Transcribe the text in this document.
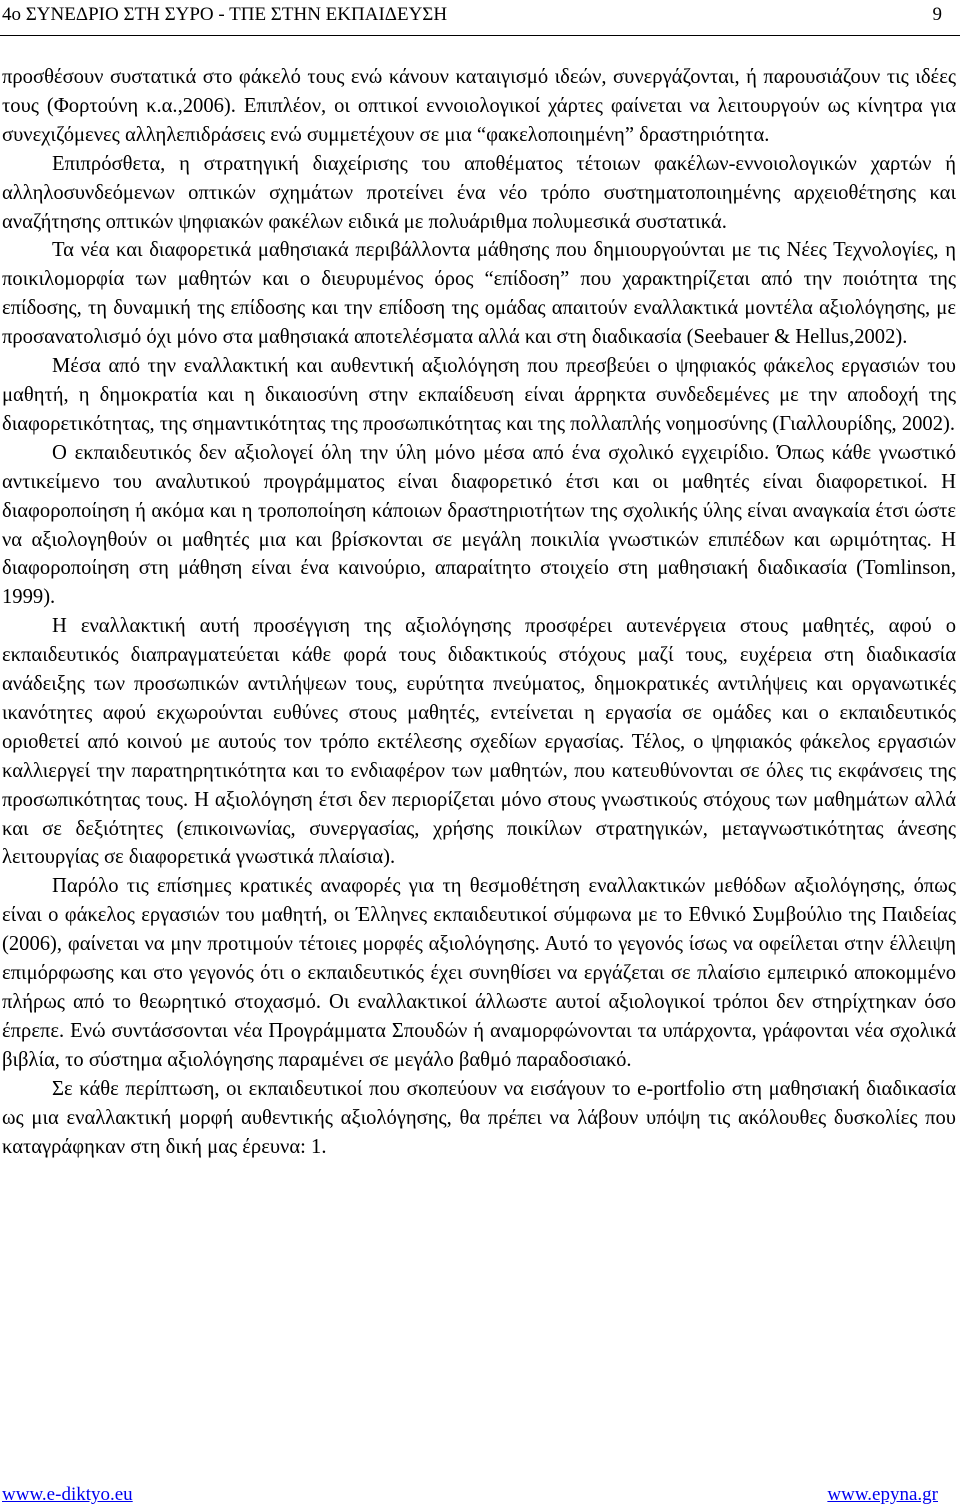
4ο ΣΥΝΕΔΡΙΟ ΣΤΗ ΣΥΡΟ - ΤΠΕ ΣΤΗΝ ΕΚΠΑΙΔΕΥΣΗ	9

προσθέσουν συστατικά στο φάκελό τους ενώ κάνουν καταιγισμό ιδεών, συνεργάζονται, ή παρουσιάζουν τις ιδέες τους (Φορτούνη κ.α.,2006). Επιπλέον, οι οπτικοί εννοιολογικοί χάρτες φαίνεται να λειτουργούν ως κίνητρα για συνεχιζόμενες αλληλεπιδράσεις ενώ συμμετέχουν σε μια “φακελοποιημένη” δραστηριότητα.

Επιπρόσθετα, η στρατηγική διαχείρισης του αποθέματος τέτοιων φακέλων-εννοιολογικών χαρτών ή αλληλοσυνδεόμενων οπτικών σχημάτων προτείνει ένα νέο τρόπο συστηματοποιημένης αρχειοθέτησης και αναζήτησης οπτικών ψηφιακών φακέλων ειδικά με πολυάριθμα πολυμεσικά συστατικά.

Τα νέα και διαφορετικά μαθησιακά περιβάλλοντα μάθησης που δημιουργούνται με τις Νέες Τεχνολογίες, η ποικιλομορφία των μαθητών και ο διευρυμένος όρος “επίδοση” που χαρακτηρίζεται από την ποιότητα της επίδοσης, τη δυναμική της επίδοσης και την επίδοση της ομάδας απαιτούν εναλλακτικά μοντέλα αξιολόγησης, με προσανατολισμό όχι μόνο στα μαθησιακά αποτελέσματα αλλά και στη διαδικασία (Seebauer & Hellus,2002).

Μέσα από την εναλλακτική και αυθεντική αξιολόγηση που πρεσβεύει ο ψηφιακός φάκελος εργασιών του μαθητή, η δημοκρατία και η δικαιοσύνη στην εκπαίδευση είναι άρρηκτα συνδεδεμένες με την αποδοχή της διαφορετικότητας, της σημαντικότητας της προσωπικότητας και της πολλαπλής νοημοσύνης (Γιαλλουρίδης, 2002).

Ο εκπαιδευτικός δεν αξιολογεί όλη την ύλη μόνο μέσα από ένα σχολικό εγχειρίδιο. Όπως κάθε γνωστικό αντικείμενο του αναλυτικού προγράμματος είναι διαφορετικό έτσι και οι μαθητές είναι διαφορετικοί. Η διαφοροποίηση ή ακόμα και η τροποποίηση κάποιων δραστηριοτήτων της σχολικής ύλης είναι αναγκαία έτσι ώστε να αξιολογηθούν οι μαθητές μια και βρίσκονται σε μεγάλη ποικιλία γνωστικών επιπέδων και ωριμότητας. Η διαφοροποίηση στη μάθηση είναι ένα καινούριο, απαραίτητο στοιχείο στη μαθησιακή διαδικασία (Tomlinson, 1999).

Η εναλλακτική αυτή προσέγγιση της αξιολόγησης προσφέρει αυτενέργεια στους μαθητές, αφού ο εκπαιδευτικός διαπραγματεύεται κάθε φορά τους διδακτικούς στόχους μαζί τους, ευχέρεια στη διαδικασία ανάδειξης των προσωπικών αντιλήψεων τους, ευρύτητα πνεύματος, δημοκρατικές αντιλήψεις και οργανωτικές ικανότητες αφού εκχωρούνται ευθύνες στους μαθητές, εντείνεται η εργασία σε ομάδες και ο εκπαιδευτικός οριοθετεί από κοινού με αυτούς τον τρόπο εκτέλεσης σχεδίων εργασίας. Τέλος, ο ψηφιακός φάκελος εργασιών καλλιεργεί την παρατηρητικότητα και το ενδιαφέρον των μαθητών, που κατευθύνονται σε όλες τις εκφάνσεις της προσωπικότητας τους. Η αξιολόγηση έτσι δεν περιορίζεται μόνο στους γνωστικούς στόχους των μαθημάτων αλλά και σε δεξιότητες (επικοινωνίας, συνεργασίας, χρήσης ποικίλων στρατηγικών, μεταγνωστικότητας άνεσης λειτουργίας σε διαφορετικά γνωστικά πλαίσια).

Παρόλο τις επίσημες κρατικές αναφορές για τη θεσμοθέτηση εναλλακτικών μεθόδων αξιολόγησης, όπως είναι ο φάκελος εργασιών του μαθητή, οι Έλληνες εκπαιδευτικοί σύμφωνα με το Εθνικό Συμβούλιο της Παιδείας (2006), φαίνεται να μην προτιμούν τέτοιες μορφές αξιολόγησης. Αυτό το γεγονός ίσως να οφείλεται στην έλλειψη επιμόρφωσης και στο γεγονός ότι ο εκπαιδευτικός έχει συνηθίσει να εργάζεται σε πλαίσιο εμπειρικό αποκομμένο πλήρως από το θεωρητικό στοχασμό. Οι εναλλακτικοί άλλωστε αυτοί αξιολογικοί τρόποι δεν στηρίχτηκαν όσο έπρεπε. Ενώ συντάσσονται νέα Προγράμματα Σπουδών ή αναμορφώνονται τα υπάρχοντα, γράφονται νέα σχολικά βιβλία, το σύστημα αξιολόγησης παραμένει σε μεγάλο βαθμό παραδοσιακό.

Σε κάθε περίπτωση, οι εκπαιδευτικοί που σκοπεύουν να εισάγουν το e-portfolio στη μαθησιακή διαδικασία ως μια εναλλακτική μορφή αυθεντικής αξιολόγησης, θα πρέπει να λάβουν υπόψη τις ακόλουθες δυσκολίες που καταγράφηκαν στη δική μας έρευνα: 1.

www.e-diktyo.eu	www.epyna.gr
